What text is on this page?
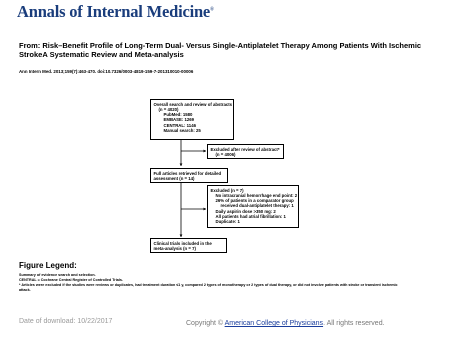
Annals of Internal Medicine®
From: Risk–Benefit Profile of Long-Term Dual- Versus Single-Antiplatelet Therapy Among Patients With Ischemic StrokeA Systematic Review and Meta-analysis
Ann Intern Med. 2013;159(7):463-470. doi:10.7326/0003-4819-159-7-201310010-00006
Overall search and review of abstracts
(n = 4020)
PubMed: 1580
EMBASE: 1269
CENTRAL: 1146
Manual search: 25
Excluded after review of abstract*
(n = 4006)
Full articles retrieved for detailed
assessment (n = 14)
Excluded (n = 7)
No intracranial hemorrhage end point: 2
26% of patients in a comparator group
received dual-antiplatelet therapy: 1
Daily aspirin dose >350 mg: 2
All patients had atrial fibrillation: 1
Duplicate: 1
Clinical trials included in the
meta-analysis (n = 7)
Figure Legend:
Summary of evidence search and selection.
CENTRAL = Cochrane Central Register of Controlled Trials.
* Articles were excluded if the studies were reviews or duplicates, had treatment duration ≤1 y, compared 2 types of monotherapy or 2 types of dual therapy, or did not involve patients with stroke or transient ischemic
attack.
Date of download: 10/22/2017	Copyright © American College of Physicians. All rights reserved.
